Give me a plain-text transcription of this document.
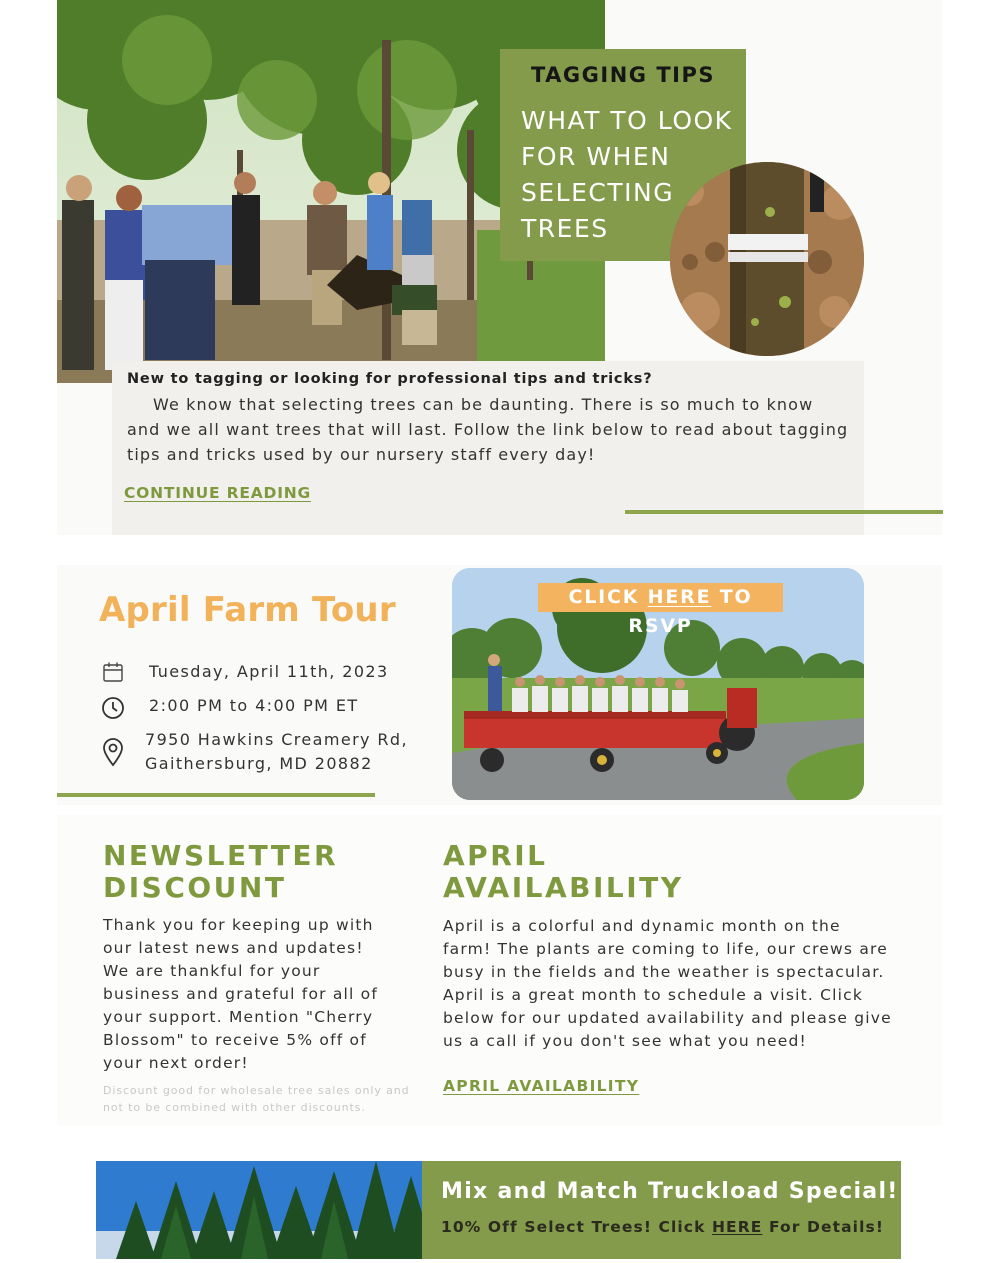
TAGGING TIPS
WHAT TO LOOK FOR WHEN SELECTING TREES
New to tagging or looking for professional tips and tricks?
We know that selecting trees can be daunting. There is so much to know and we all want trees that will last. Follow the link below to read about tagging tips and tricks used by our nursery staff every day!
CONTINUE READING
April Farm Tour
Tuesday, April 11th, 2023
2:00 PM to 4:00 PM ET
7950 Hawkins Creamery Rd,
Gaithersburg, MD 20882
CLICK HERE TO RSVP
NEWSLETTER
DISCOUNT
Thank you for keeping up with our latest news and updates! We are thankful for your business and grateful for all of your support. Mention "Cherry Blossom" to receive 5% off of your next order!
Discount good for wholesale tree sales only and not to be combined with other discounts.
APRIL
AVAILABILITY
April is a colorful and dynamic month on the farm! The plants are coming to life, our crews are busy in the fields and the weather is spectacular. April is a great month to schedule a visit. Click below for our updated availability and please give us a call if you don't see what you need!
APRIL AVAILABILITY
Mix and Match Truckload Special!
10% Off Select Trees! Click HERE For Details!
